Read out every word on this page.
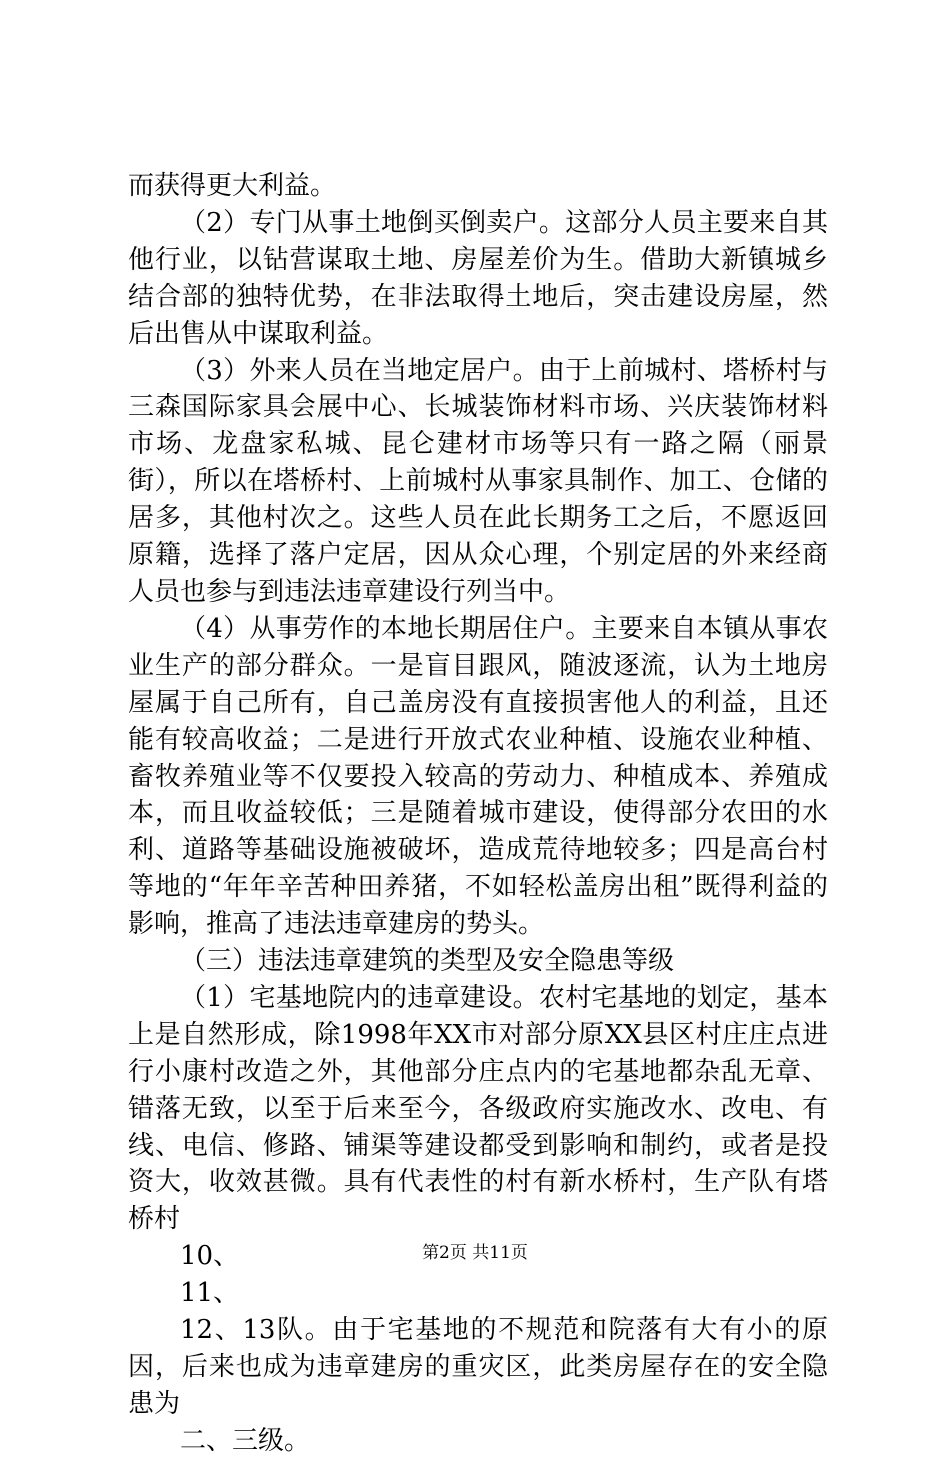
而获得更大利益。

（2）专门从事土地倒买倒卖户。这部分人员主要来自其他行业，以钻营谋取土地、房屋差价为生。借助大新镇城乡结合部的独特优势，在非法取得土地后，突击建设房屋，然后出售从中谋取利益。

（3）外来人员在当地定居户。由于上前城村、塔桥村与三森国际家具会展中心、长城装饰材料市场、兴庆装饰材料市场、龙盘家私城、昆仑建材市场等只有一路之隔（丽景街），所以在塔桥村、上前城村从事家具制作、加工、仓储的居多，其他村次之。这些人员在此长期务工之后，不愿返回原籍，选择了落户定居，因从众心理，个别定居的外来经商人员也参与到违法违章建设行列当中。

（4）从事劳作的本地长期居住户。主要来自本镇从事农业生产的部分群众。一是盲目跟风，随波逐流，认为土地房屋属于自己所有，自己盖房没有直接损害他人的利益，且还能有较高收益；二是进行开放式农业种植、设施农业种植、畜牧养殖业等不仅要投入较高的劳动力、种植成本、养殖成本，而且收益较低；三是随着城市建设，使得部分农田的水利、道路等基础设施被破坏，造成荒待地较多；四是高台村等地的“年年辛苦种田养猪，不如轻松盖房出租”既得利益的影响，推高了违法违章建房的势头。

（三）违法违章建筑的类型及安全隐患等级

（1）宅基地院内的违章建设。农村宅基地的划定，基本上是自然形成，除1998年XX市对部分原XX县区村庄庄点进行小康村改造之外，其他部分庄点内的宅基地都杂乱无章、错落无致，以至于后来至今，各级政府实施改水、改电、有线、电信、修路、铺渠等建设都受到影响和制约，或者是投资大，收效甚微。具有代表性的村有新水桥村，生产队有塔桥村

10、

11、

12、13队。由于宅基地的不规范和院落有大有小的原因，后来也成为违章建房的重灾区，此类房屋存在的安全隐患为

二、三级。

第2页 共11页
